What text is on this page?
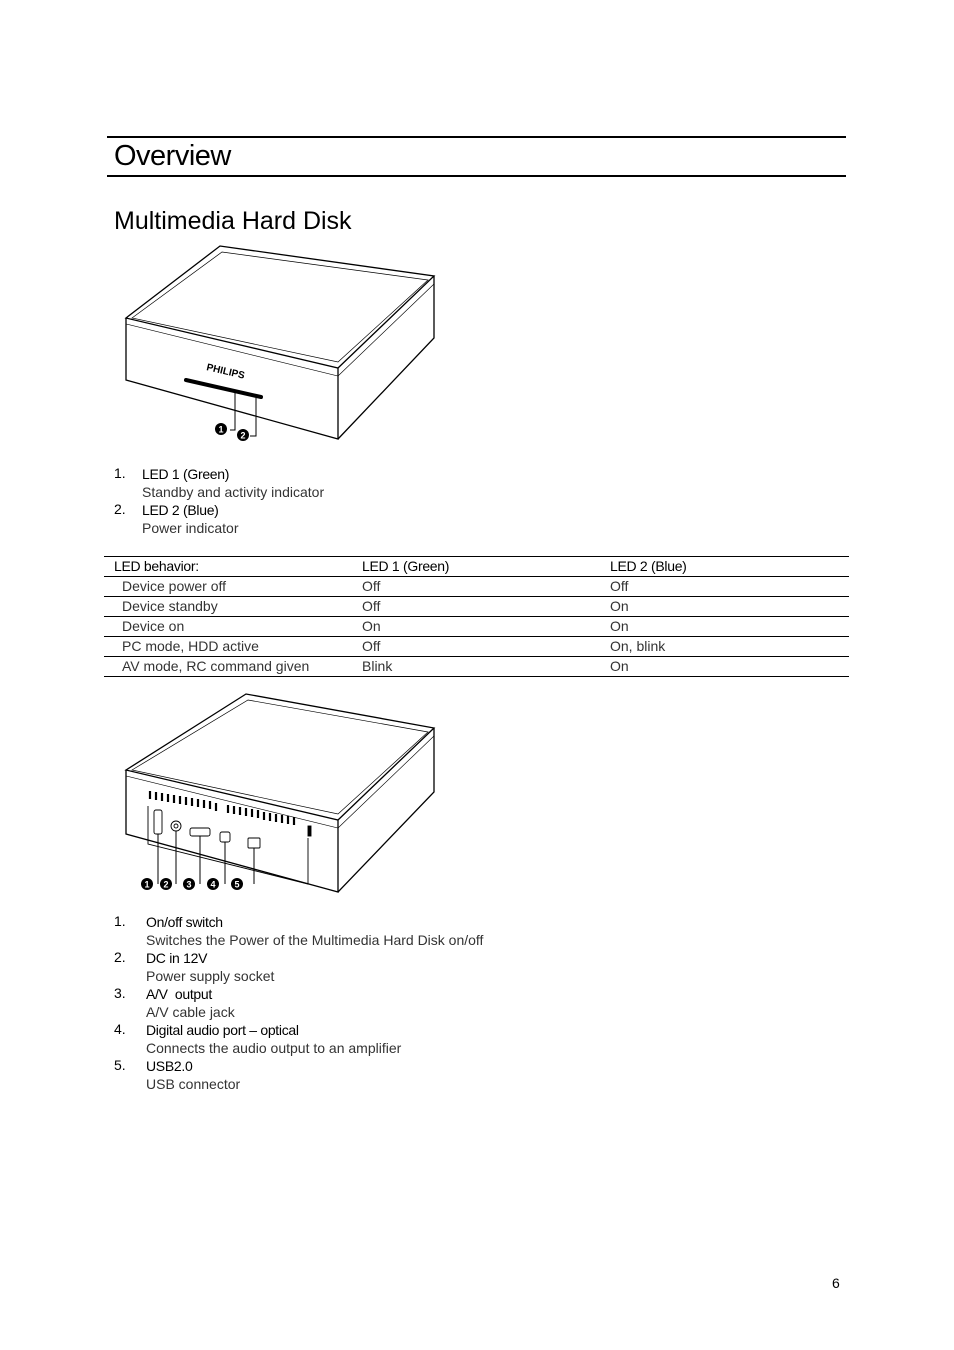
Overview
Multimedia Hard Disk
PHILIPS
1
2
1. LED 1 (Green)
Standby and activity indicator
2. LED 2 (Blue)
Power indicator
LED behavior:	LED 1 (Green)	LED 2 (Blue)
Device power off	Off	Off
Device standby	Off	On
Device on	On	On
PC mode, HDD active	Off	On, blink
AV mode, RC command given	Blink	On
1 2 3 4 5
1. On/off switch
Switches the Power of the Multimedia Hard Disk on/off
2. DC in 12V
Power supply socket
3. A/V  output
A/V cable jack
4. Digital audio port – optical
Connects the audio output to an amplifier
5. USB2.0
USB connector
6
